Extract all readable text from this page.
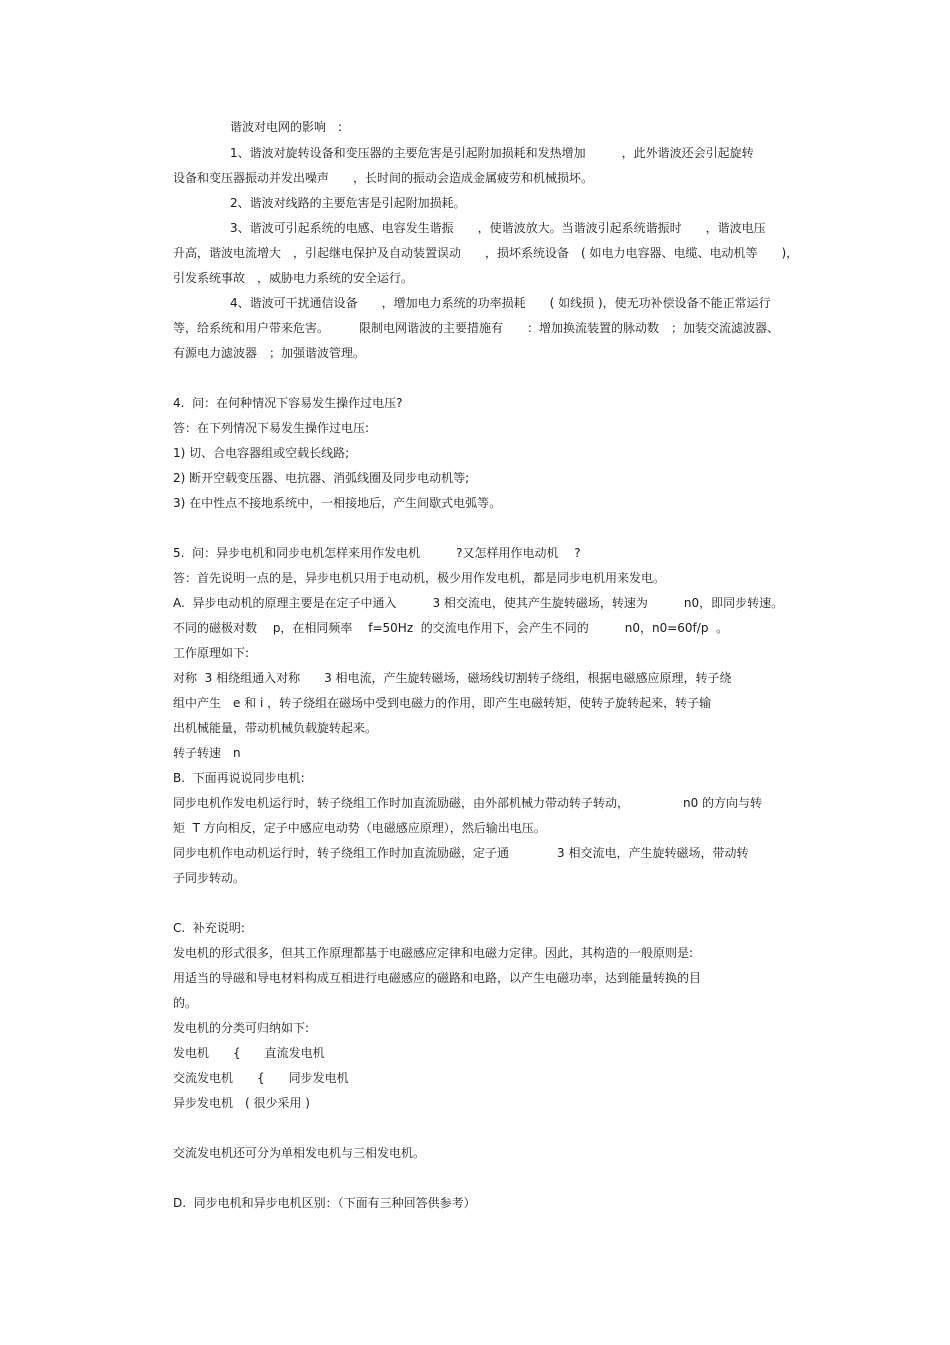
谐波对电网的影响　:
1、谐波对旋转设备和变压器的主要危害是引起附加损耗和发热增加　　　，此外谐波还会引起旋转
设备和变压器振动并发出噪声　　，长时间的振动会造成金属疲劳和机械损坏。
2、谐波对线路的主要危害是引起附加损耗。
3、谐波可引起系统的电感、电容发生谐振　　，使谐波放大。当谐波引起系统谐振时　　，谐波电压
升高，谐波电流增大　，引起继电保护及自动装置误动　　，损坏系统设备　( 如电力电容器、电缆、电动机等　　)，
引发系统事故　，威胁电力系统的安全运行。
4、谐波可干扰通信设备　　，增加电力系统的功率损耗　　( 如线损 )，使无功补偿设备不能正常运行
等，给系统和用户带来危害。　　　限制电网谐波的主要措施有　　：增加换流装置的脉动数　；加装交流滤波器、
有源电力滤波器　；加强谐波管理。
4.  问：在何种情况下容易发生操作过电压?
答：在下列情况下易发生操作过电压:
1) 切、合电容器组或空载长线路;
2) 断开空载变压器、电抗器、消弧线圈及同步电动机等;
3) 在中性点不接地系统中，一相接地后，产生间歇式电弧等。
5.  问：异步电机和同步电机怎样来用作发电机　　　?又怎样用作电动机　 ?
答：首先说明一点的是，异步电机只用于电动机，极少用作发电机，都是同步电机用来发电。
A.  异步电动机的原理主要是在定子中通入　　　3 相交流电，使其产生旋转磁场，转速为　　　n0，即同步转速。
不同的磁极对数　 p，在相同频率　 f=50Hz  的交流电作用下，会产生不同的　　　n0，n0=60f/p  。
工作原理如下:
对称  3 相绕组通入对称　　3 相电流，产生旋转磁场，磁场线切割转子绕组，根据电磁感应原理，转子绕
组中产生　e 和 i ，转子绕组在磁场中受到电磁力的作用，即产生电磁转矩，使转子旋转起来，转子输
出机械能量，带动机械负载旋转起来。
转子转速　n
B.  下面再说说同步电机:
同步电机作发电机运行时，转子绕组工作时加直流励磁，由外部机械力带动转子转动，　　　　　n0 的方向与转
矩  T 方向相反，定子中感应电动势（电磁感应原理），然后输出电压。
同步电机作电动机运行时，转子绕组工作时加直流励磁，定子通　　　　3 相交流电，产生旋转磁场，带动转
子同步转动。
C.  补充说明:
发电机的形式很多，但其工作原理都基于电磁感应定律和电磁力定律。因此，其构造的一般原则是:
用适当的导磁和导电材料构成互相进行电磁感应的磁路和电路，以产生电磁功率，达到能量转换的目
的。
发电机的分类可归纳如下:
发电机　　{　　直流发电机
交流发电机　　{　　同步发电机
异步发电机　( 很少采用 )
交流发电机还可分为单相发电机与三相发电机。
D.  同步电机和异步电机区别：（下面有三种回答供参考）
